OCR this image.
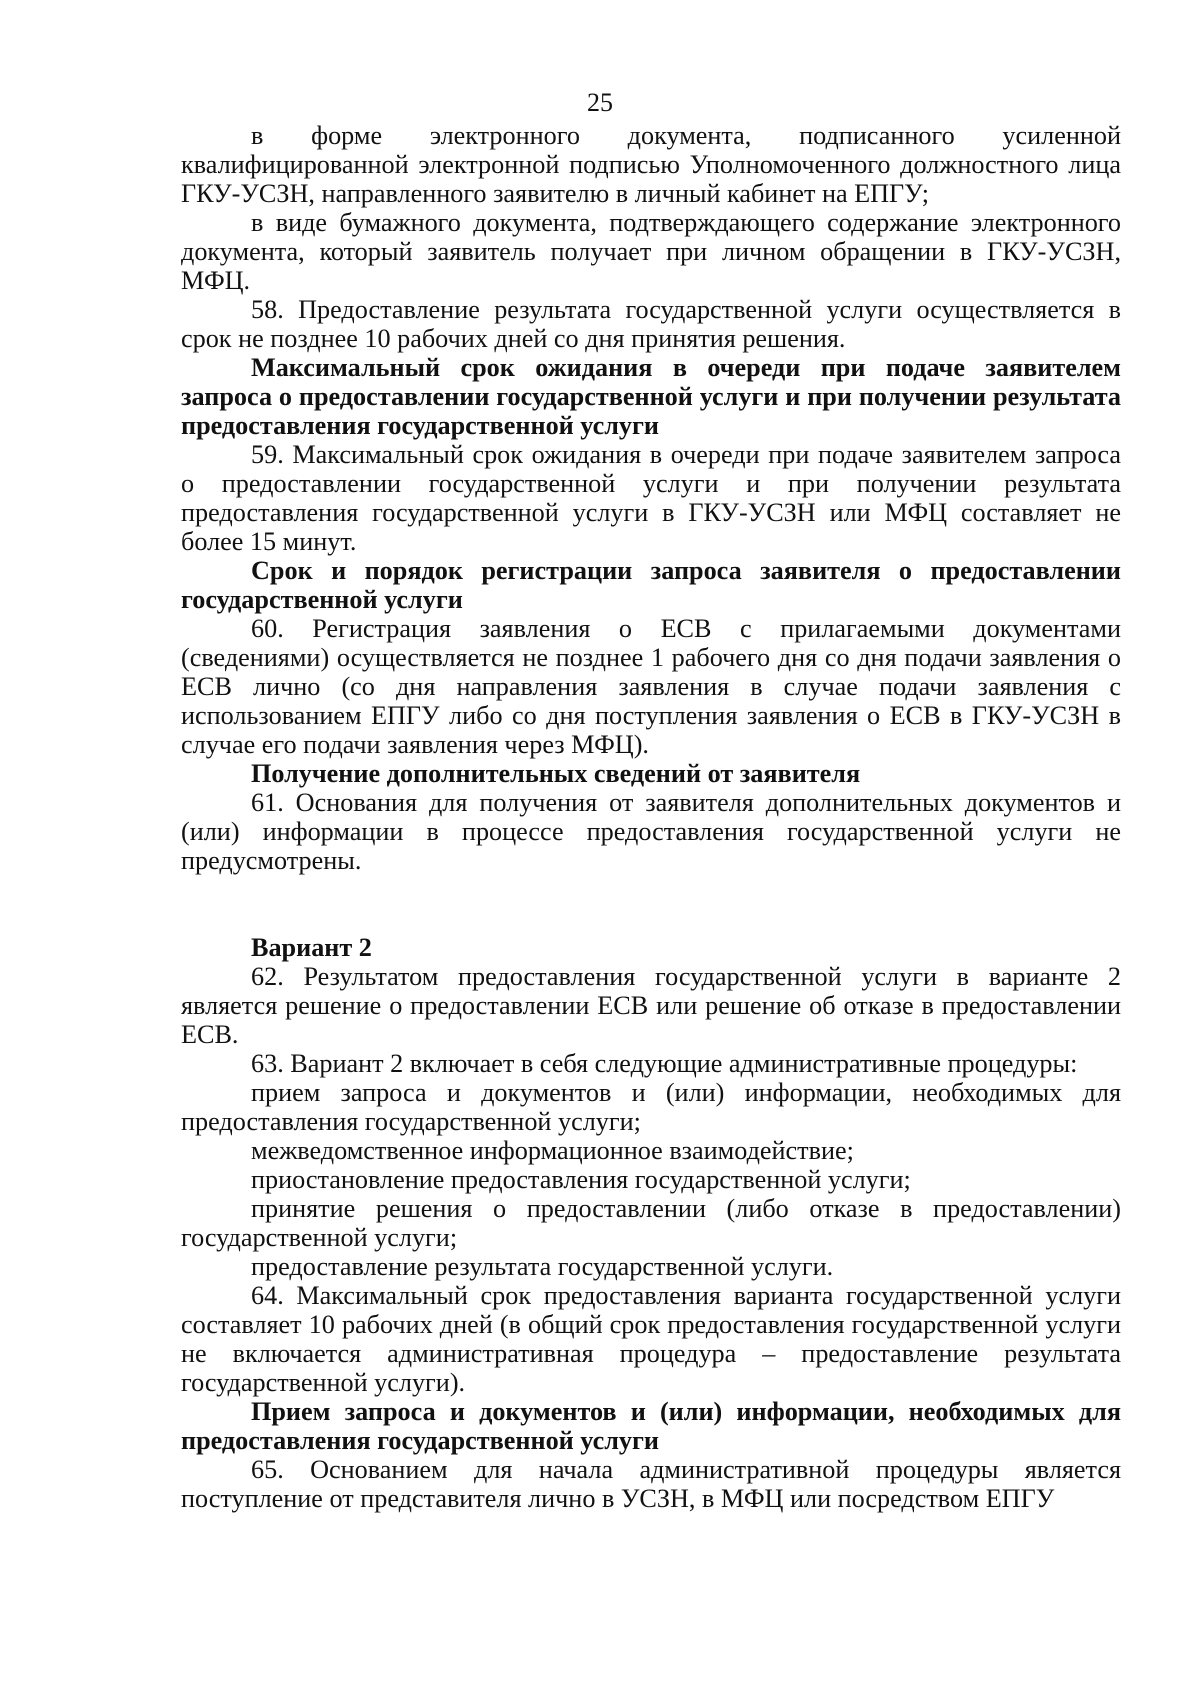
25

в форме электронного документа, подписанного усиленной квалифицированной электронной подписью Уполномоченного должностного лица ГКУ-УСЗН, направленного заявителю в личный кабинет на ЕПГУ;

в виде бумажного документа, подтверждающего содержание электронного документа, который заявитель получает при личном обращении в ГКУ-УСЗН, МФЦ.

58. Предоставление результата государственной услуги осуществляется в срок не позднее 10 рабочих дней со дня принятия решения.

Максимальный срок ожидания в очереди при подаче заявителем запроса о предоставлении государственной услуги и при получении результата предоставления государственной услуги

59. Максимальный срок ожидания в очереди при подаче заявителем запроса о предоставлении государственной услуги и при получении результата предоставления государственной услуги в ГКУ-УСЗН или МФЦ составляет не более 15 минут.

Срок и порядок регистрации запроса заявителя о предоставлении государственной услуги

60. Регистрация заявления о ЕСВ с прилагаемыми документами (сведениями) осуществляется не позднее 1 рабочего дня со дня подачи заявления о ЕСВ лично (со дня направления заявления в случае подачи заявления с использованием ЕПГУ либо со дня поступления заявления о ЕСВ в ГКУ-УСЗН в случае его подачи заявления через МФЦ).

Получение дополнительных сведений от заявителя

61. Основания для получения от заявителя дополнительных документов и (или) информации в процессе предоставления государственной услуги не предусмотрены.

Вариант 2

62. Результатом предоставления государственной услуги в варианте 2 является решение о предоставлении ЕСВ или решение об отказе в предоставлении ЕСВ.

63. Вариант 2 включает в себя следующие административные процедуры:

прием запроса и документов и (или) информации, необходимых для предоставления государственной услуги;

межведомственное информационное взаимодействие;

приостановление предоставления государственной услуги;

принятие решения о предоставлении (либо отказе в предоставлении) государственной услуги;

предоставление результата государственной услуги.

64. Максимальный срок предоставления варианта государственной услуги составляет 10 рабочих дней (в общий срок предоставления государственной услуги не включается административная процедура – предоставление результата государственной услуги).

Прием запроса и документов и (или) информации, необходимых для предоставления государственной услуги

65. Основанием для начала административной процедуры является поступление от представителя лично в УСЗН, в МФЦ или посредством ЕПГУ
